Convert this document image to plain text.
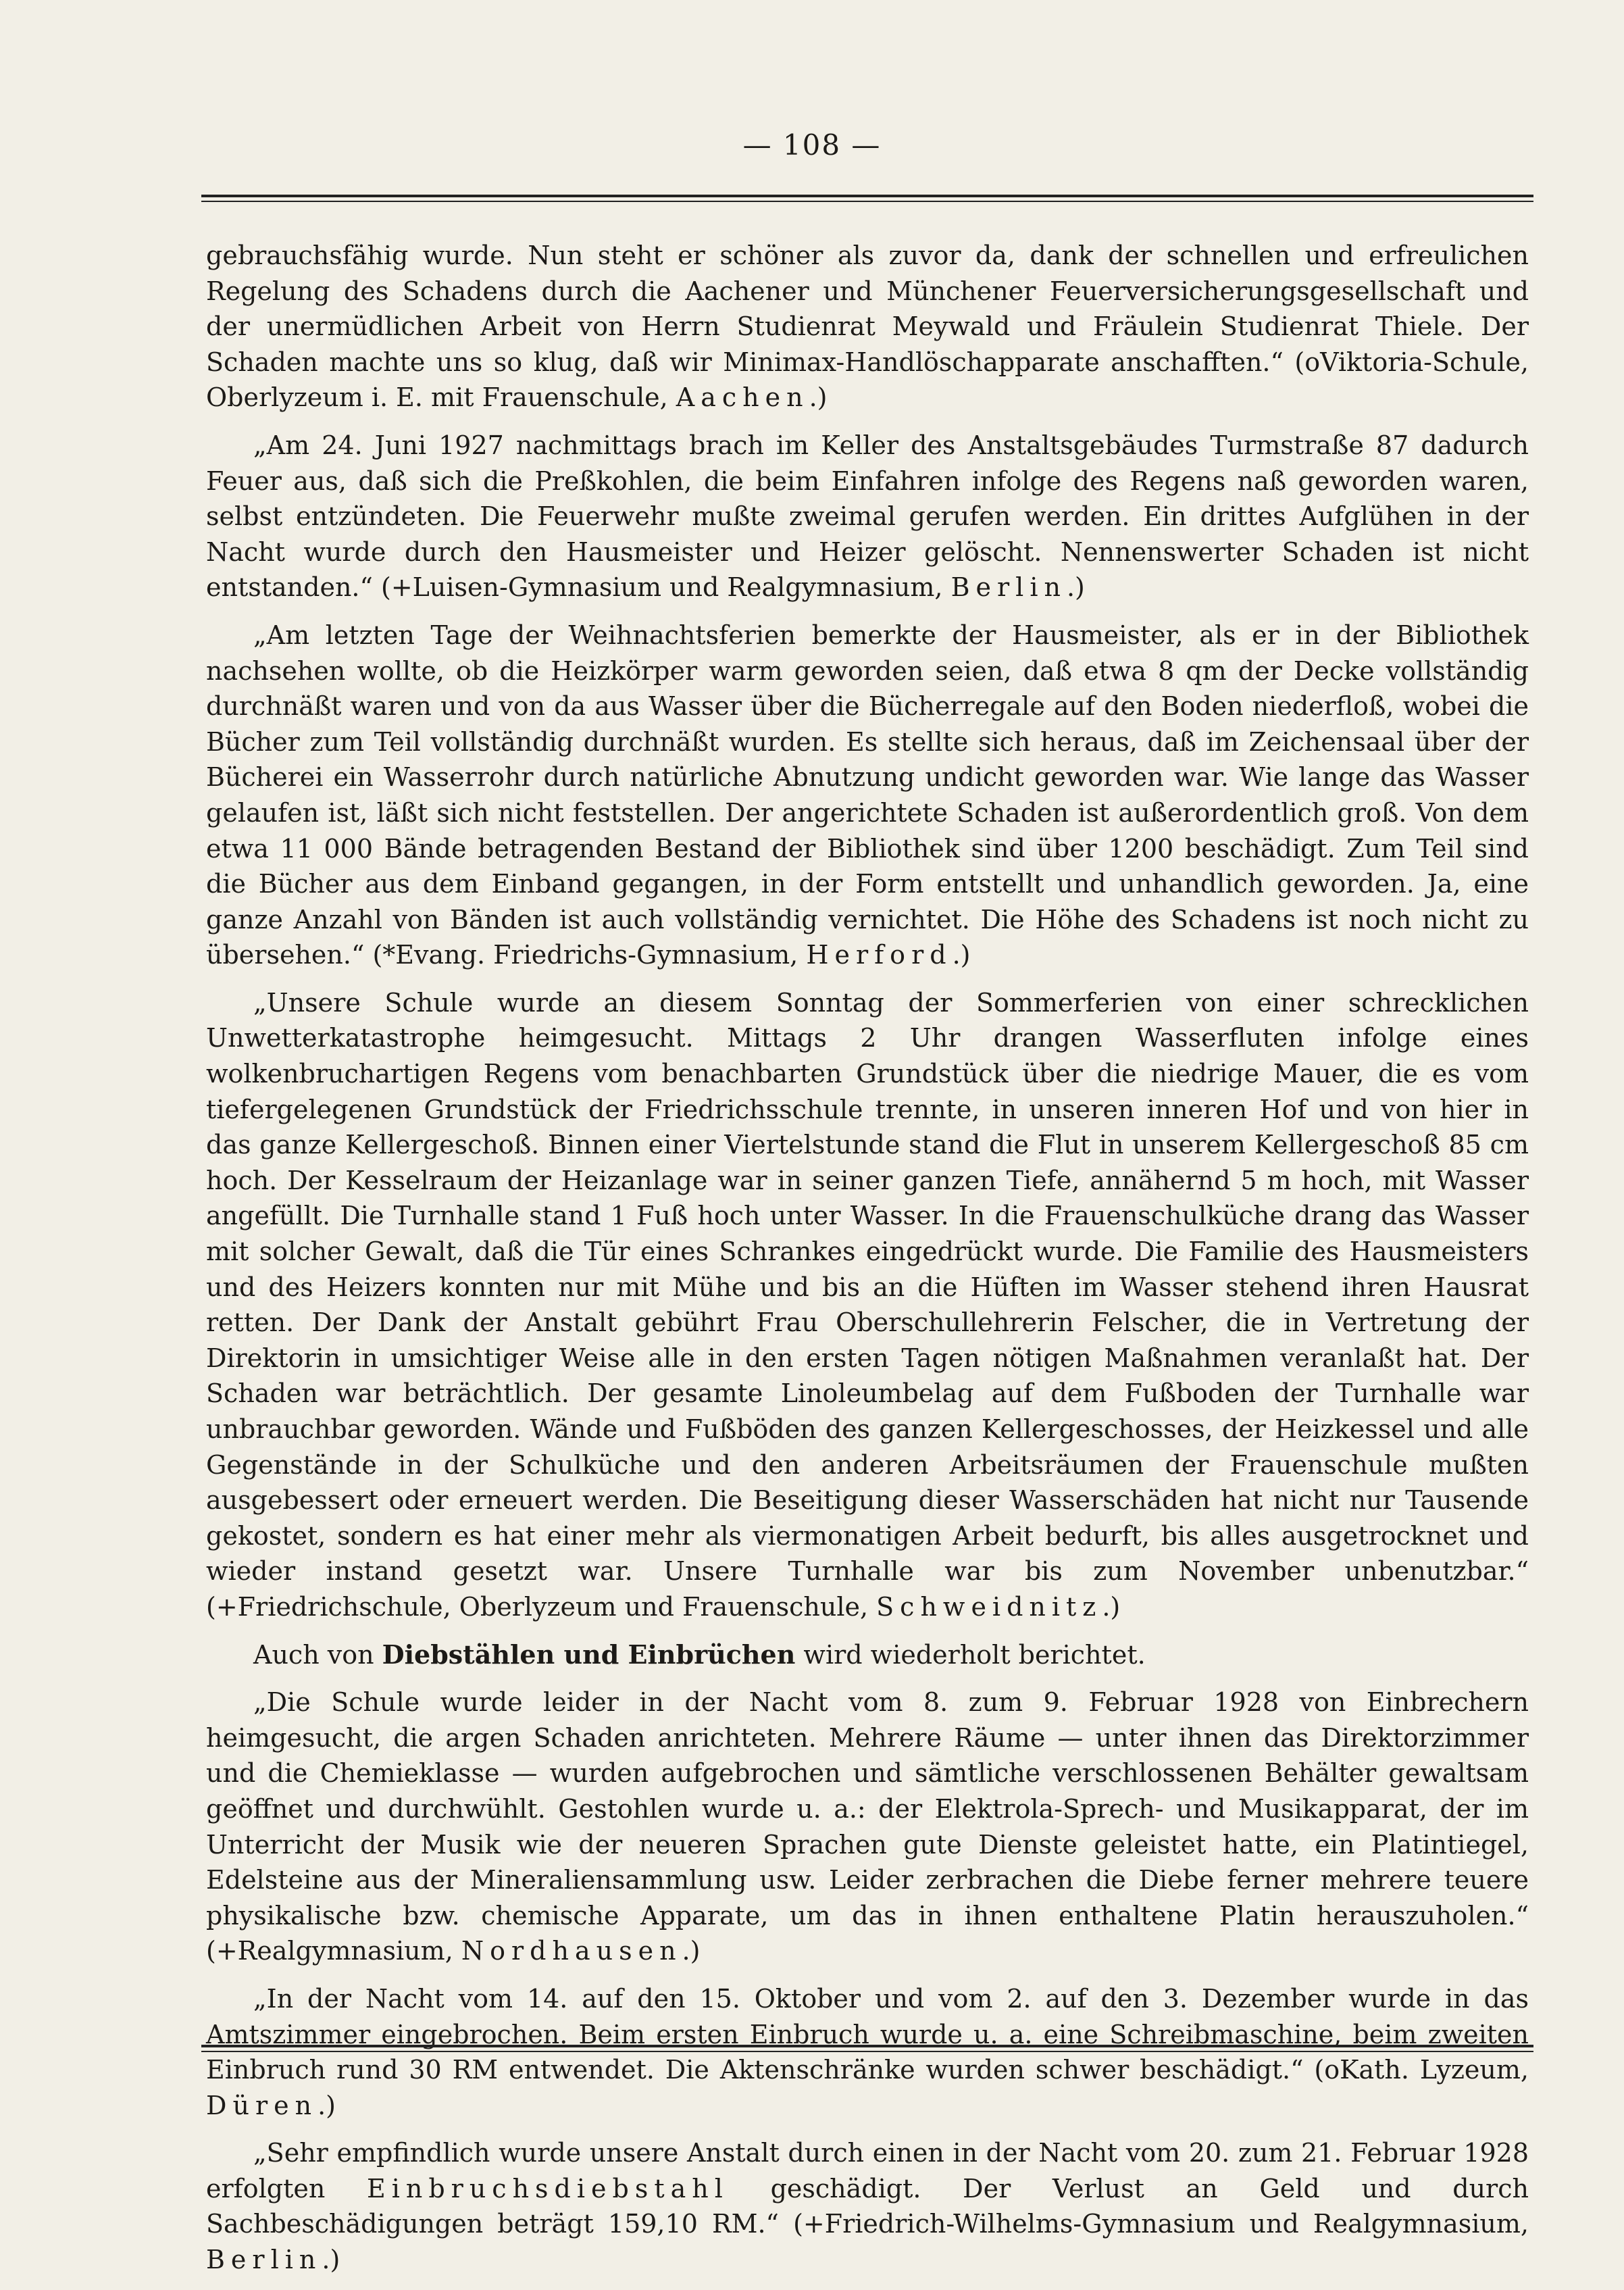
— 108 —

gebrauchsfähig wurde. Nun steht er schöner als zuvor da, dank der schnellen und erfreulichen Regelung des Schadens durch die Aachener und Münchener Feuerversicherungsgesellschaft und der unermüdlichen Arbeit von Herrn Studienrat Meywald und Fräulein Studienrat Thiele. Der Schaden machte uns so klug, daß wir Minimax-Handlöschapparate anschafften.“ (oViktoria-Schule, Oberlyzeum i. E. mit Frauenschule, Aachen.)

„Am 24. Juni 1927 nachmittags brach im Keller des Anstaltsgebäudes Turmstraße 87 dadurch Feuer aus, daß sich die Preßkohlen, die beim Einfahren infolge des Regens naß geworden waren, selbst entzündeten. Die Feuerwehr mußte zweimal gerufen werden. Ein drittes Aufglühen in der Nacht wurde durch den Hausmeister und Heizer gelöscht. Nennenswerter Schaden ist nicht entstanden.“ (+Luisen-Gymnasium und Realgymnasium, Berlin.)

„Am letzten Tage der Weihnachtsferien bemerkte der Hausmeister, als er in der Bibliothek nachsehen wollte, ob die Heizkörper warm geworden seien, daß etwa 8 qm der Decke vollständig durchnäßt waren und von da aus Wasser über die Bücherregale auf den Boden niederfloß, wobei die Bücher zum Teil vollständig durchnäßt wurden. Es stellte sich heraus, daß im Zeichensaal über der Bücherei ein Wasserrohr durch natürliche Abnutzung undicht geworden war. Wie lange das Wasser gelaufen ist, läßt sich nicht feststellen. Der angerichtete Schaden ist außerordentlich groß. Von dem etwa 11 000 Bände betragenden Bestand der Bibliothek sind über 1200 beschädigt. Zum Teil sind die Bücher aus dem Einband gegangen, in der Form entstellt und unhandlich geworden. Ja, eine ganze Anzahl von Bänden ist auch vollständig vernichtet. Die Höhe des Schadens ist noch nicht zu übersehen.“ (*Evang. Friedrichs-Gymnasium, Herford.)

„Unsere Schule wurde an diesem Sonntag der Sommerferien von einer schrecklichen Unwetterkatastrophe heimgesucht. Mittags 2 Uhr drangen Wasserfluten infolge eines wolkenbruchartigen Regens vom benachbarten Grundstück über die niedrige Mauer, die es vom tiefergelegenen Grundstück der Friedrichsschule trennte, in unseren inneren Hof und von hier in das ganze Kellergeschoß. Binnen einer Viertelstunde stand die Flut in unserem Kellergeschoß 85 cm hoch. Der Kesselraum der Heizanlage war in seiner ganzen Tiefe, annähernd 5 m hoch, mit Wasser angefüllt. Die Turnhalle stand 1 Fuß hoch unter Wasser. In die Frauenschulküche drang das Wasser mit solcher Gewalt, daß die Tür eines Schrankes eingedrückt wurde. Die Familie des Hausmeisters und des Heizers konnten nur mit Mühe und bis an die Hüften im Wasser stehend ihren Hausrat retten. Der Dank der Anstalt gebührt Frau Oberschullehrerin Felscher, die in Vertretung der Direktorin in umsichtiger Weise alle in den ersten Tagen nötigen Maßnahmen veranlaßt hat. Der Schaden war beträchtlich. Der gesamte Linoleumbelag auf dem Fußboden der Turnhalle war unbrauchbar geworden. Wände und Fußböden des ganzen Kellergeschosses, der Heizkessel und alle Gegenstände in der Schulküche und den anderen Arbeitsräumen der Frauenschule mußten ausgebessert oder erneuert werden. Die Beseitigung dieser Wasserschäden hat nicht nur Tausende gekostet, sondern es hat einer mehr als viermonatigen Arbeit bedurft, bis alles ausgetrocknet und wieder instand gesetzt war. Unsere Turnhalle war bis zum November unbenutzbar.“ (+Friedrichschule, Oberlyzeum und Frauenschule, Schweidnitz.)

Auch von Diebstählen und Einbrüchen wird wiederholt berichtet.

„Die Schule wurde leider in der Nacht vom 8. zum 9. Februar 1928 von Einbrechern heimgesucht, die argen Schaden anrichteten. Mehrere Räume — unter ihnen das Direktorzimmer und die Chemieklasse — wurden aufgebrochen und sämtliche verschlossenen Behälter gewaltsam geöffnet und durchwühlt. Gestohlen wurde u. a.: der Elektrola-Sprech- und Musikapparat, der im Unterricht der Musik wie der neueren Sprachen gute Dienste geleistet hatte, ein Platintiegel, Edelsteine aus der Mineraliensammlung usw. Leider zerbrachen die Diebe ferner mehrere teuere physikalische bzw. chemische Apparate, um das in ihnen enthaltene Platin herauszuholen.“ (+Realgymnasium, Nordhausen.)

„In der Nacht vom 14. auf den 15. Oktober und vom 2. auf den 3. Dezember wurde in das Amtszimmer eingebrochen. Beim ersten Einbruch wurde u. a. eine Schreibmaschine, beim zweiten Einbruch rund 30 RM entwendet. Die Aktenschränke wurden schwer beschädigt.“ (oKath. Lyzeum, Düren.)

„Sehr empfindlich wurde unsere Anstalt durch einen in der Nacht vom 20. zum 21. Februar 1928 erfolgten Einbruchsdiebstahl geschädigt. Der Verlust an Geld und durch Sachbeschädigungen beträgt 159,10 RM.“ (+Friedrich-Wilhelms-Gymnasium und Realgymnasium, Berlin.)
